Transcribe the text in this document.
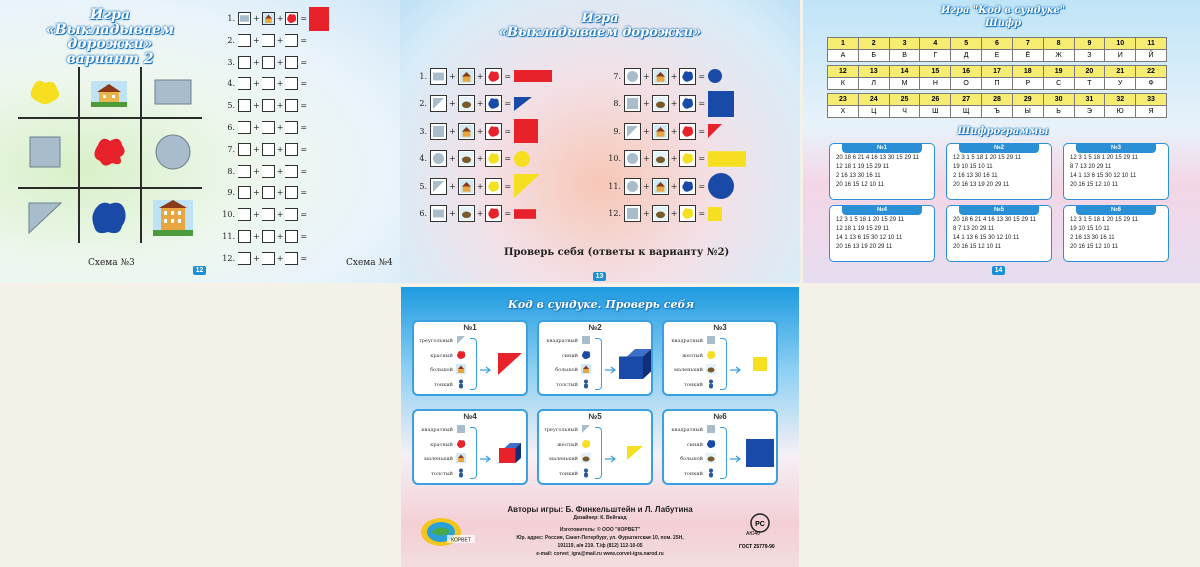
Игра
«Выкладываем дорожки»
вариант 2
Схема №3	Схема №4
12
1. + + =
2. + + =
3. + + =
4. + + =
5. + + =
6. + + =
7. + + =
8. + + =
9. + + =
10. + + =
11. + + =
12. + + =
Игра
«Выкладываем дорожки»
1.	+	+	=
2.	+	+	=
3.	+	+	=
4.	+	+	=
5.	+	+	=
6.	+	+	=
7.	+	+	=
8.	+	+	=
9.	+	+	=
10.	+	+	=
11.	+	+	=
12.	+	+	=
Проверь себя (ответы к варианту №2)
13
Игра "Код в сундуке"
Шифр
1	2	3	4	5	6	7	8	9	10	11
А	Б	В	Г	Д	Е	Ё	Ж	З	И	Й

12	13	14	15	16	17	18	19	20	21	22
К	Л	М	Н	О	П	Р	С	Т	У	Ф

23	24	25	26	27	28	29	30	31	32	33
Х	Ц	Ч	Ш	Щ	Ъ	Ы	Ь	Э	Ю	Я
Шифрограммы
№1
20 18 6 21 4 16 13 30 15 29 11
12 18 1 19 15 29 11
2 16 13 30 16 11
20 16 15 12 10 11
№2
12 3 1 5 18 1 20 15 29 11
19 10 15 10 11
2 16 13 30 16 11
20 16 13 19 20 29 11
№3
12 3 1 5 18 1 20 15 29 11
8 7 13 20 29 11
14 1 13 6 15 30 12 10 11
20 16 15 12 10 11
№4
12 3 1 5 18 1 20 15 29 11
12 18 1 19 15 29 11
14 1 13 6 15 30 12 10 11
20 16 13 19 20 29 11
№5
20 18 6 21 4 16 13 30 15 29 11
8 7 13 20 29 11
14 1 13 6 15 30 12 10 11
20 16 15 12 10 11
№6
12 3 1 5 18 1 20 15 29 11
19 10 15 10 11
2 16 13 30 16 11
20 16 15 12 10 11
14
Код в сундуке. Проверь себя
№1
треугольный
красный
большой
тонкий
№2
квадратный
синий
большой
толстый
№3
квадратный
желтый
маленький
тонкий
№4
квадратный
красный
маленький
толстый
№5
треугольный
желтый
маленький
тонкий
№6
квадратный
синий
большой
тонкий
Авторы игры: Б. Финкельштейн и Л. Лабутина
Дизайнер: К. Вейганд
Изготовитель: © ООО "КОРВЕТ"
Юр. адрес: Россия, Санкт-Петербург, ул. Фурштатская 10, пом. 25Н,
191119, а/я 219. Т./ф (812) 112-10-05
e-mail: corvet_igra@mail.ru www.corvet-igra.narod.ru
КОРВЕТ
PC
АЮ40
ГОСТ 25779-90
